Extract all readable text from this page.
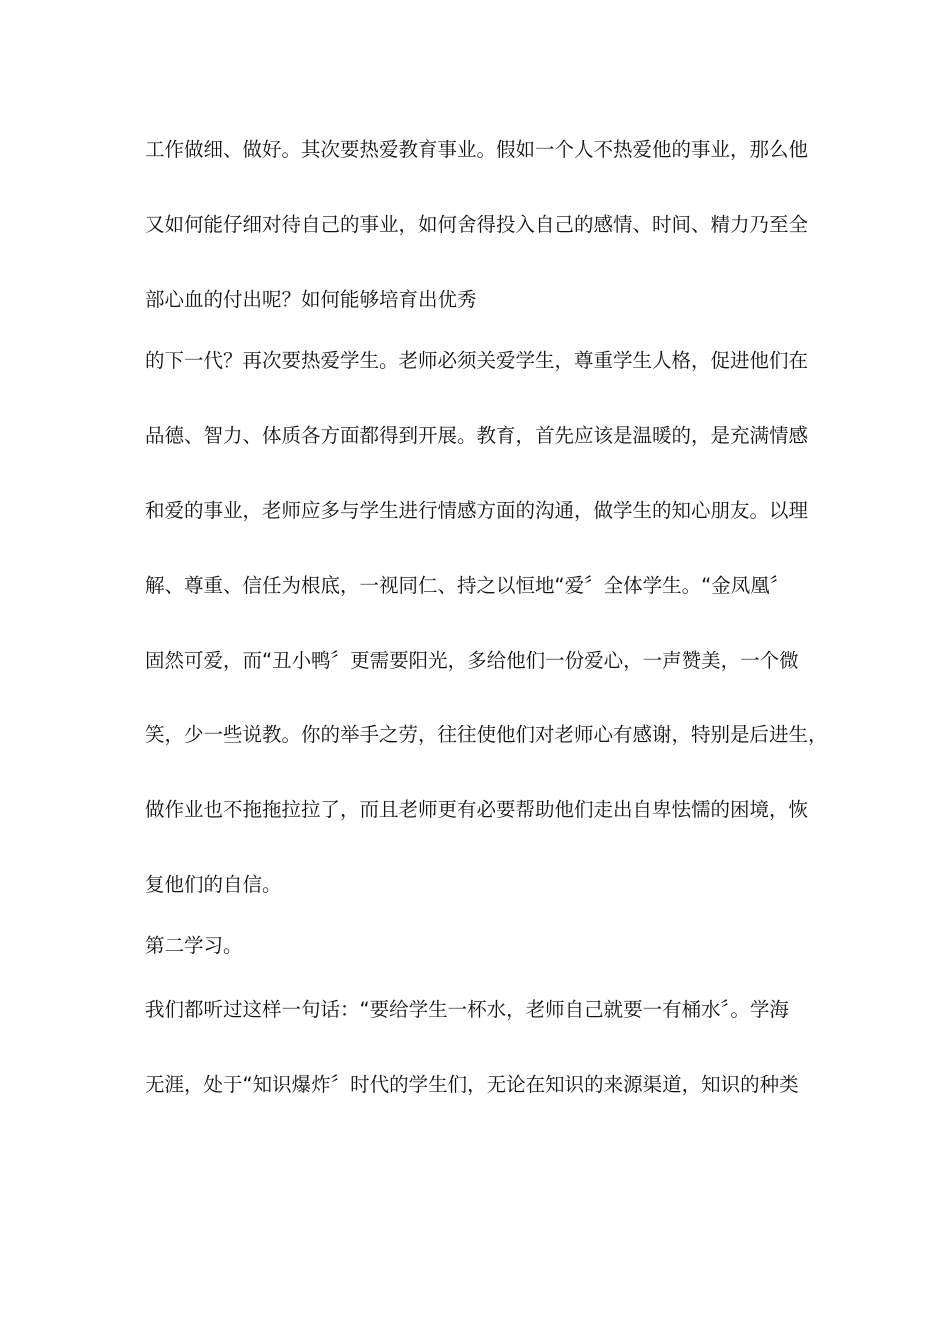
工作做细、做好。其次要热爱教育事业。假如一个人不热爱他的事业，那么他
又如何能仔细对待自己的事业，如何舍得投入自己的感情、时间、精力乃至全
部心血的付出呢？如何能够培育出优秀
的下一代？再次要热爱学生。老师必须关爱学生，尊重学生人格，促进他们在
品德、智力、体质各方面都得到开展。教育，首先应该是温暖的，是充满情感
和爱的事业，老师应多与学生进行情感方面的沟通，做学生的知心朋友。以理
解、尊重、信任为根底，一视同仁、持之以恒地“爱〞全体学生。“金凤凰〞
固然可爱，而“丑小鸭〞更需要阳光，多给他们一份爱心，一声赞美，一个微
笑，少一些说教。你的举手之劳，往往使他们对老师心有感谢，特别是后进生，
做作业也不拖拖拉拉了，而且老师更有必要帮助他们走出自卑怯懦的困境，恢
复他们的自信。
第二学习。
我们都听过这样一句话：“要给学生一杯水，老师自己就要一有桶水〞。学海
无涯，处于“知识爆炸〞时代的学生们，无论在知识的来源渠道，知识的种类
